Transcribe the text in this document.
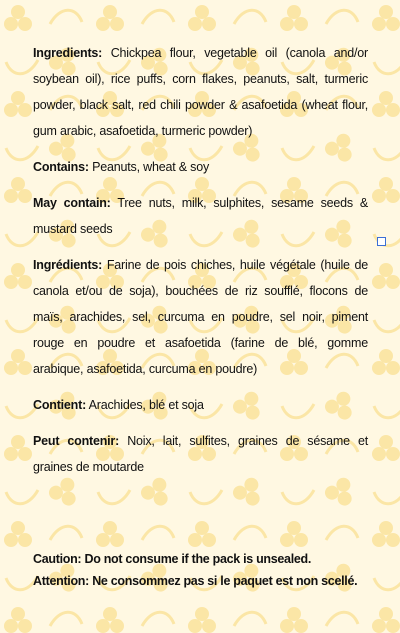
Ingredients: Chickpea flour, vegetable oil (canola and/or soybean oil), rice puffs, corn flakes, peanuts, salt, turmeric powder, black salt, red chili powder & asafoetida (wheat flour, gum arabic, asafoetida, turmeric powder)

Contains: Peanuts, wheat & soy

May contain: Tree nuts, milk, sulphites, sesame seeds & mustard seeds

Ingrédients: Farine de pois chiches, huile végétale (huile de canola et/ou de soja), bouchées de riz soufflé, flocons de maïs, arachides, sel, curcuma en poudre, sel noir, piment rouge en poudre et asafoetida (farine de blé, gomme arabique, asafoetida, curcuma en poudre)

Contient: Arachides, blé et soja

Peut contenir: Noix, lait, sulfites, graines de sésame et graines de moutarde

Caution: Do not consume if the pack is unsealed.
Attention: Ne consommez pas si le paquet est non scellé.
